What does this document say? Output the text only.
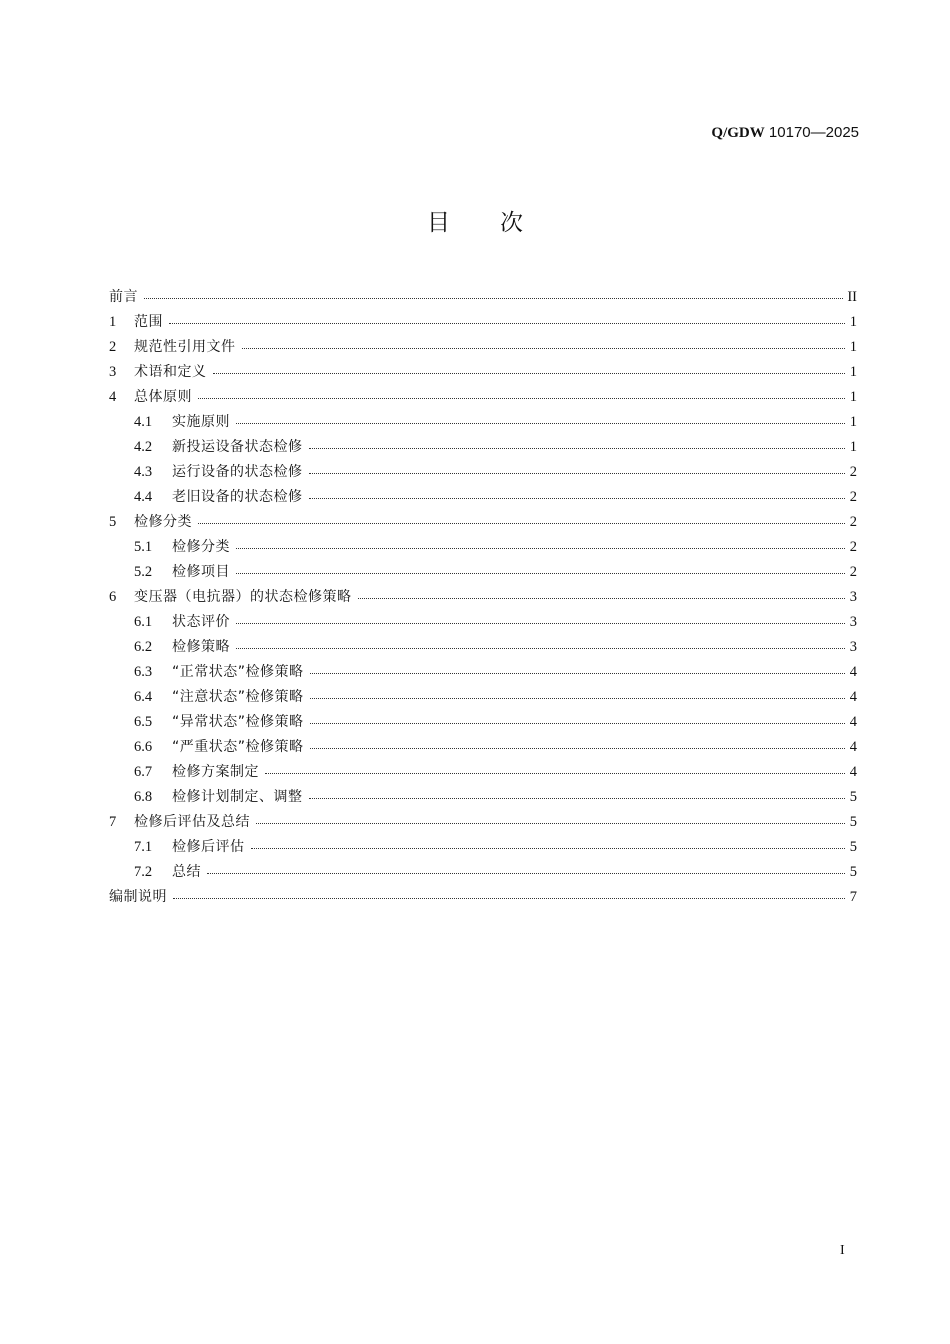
Q/GDW 10170—2025
目次
前言	II
1	范围	1
2	规范性引用文件	1
3	术语和定义	1
4	总体原则	1
4.1	实施原则	1
4.2	新投运设备状态检修	1
4.3	运行设备的状态检修	2
4.4	老旧设备的状态检修	2
5	检修分类	2
5.1	检修分类	2
5.2	检修项目	2
6	变压器（电抗器）的状态检修策略	3
6.1	状态评价	3
6.2	检修策略	3
6.3	“正常状态”检修策略	4
6.4	“注意状态”检修策略	4
6.5	“异常状态”检修策略	4
6.6	“严重状态”检修策略	4
6.7	检修方案制定	4
6.8	检修计划制定、调整	5
7	检修后评估及总结	5
7.1	检修后评估	5
7.2	总结	5
编制说明	7
I
